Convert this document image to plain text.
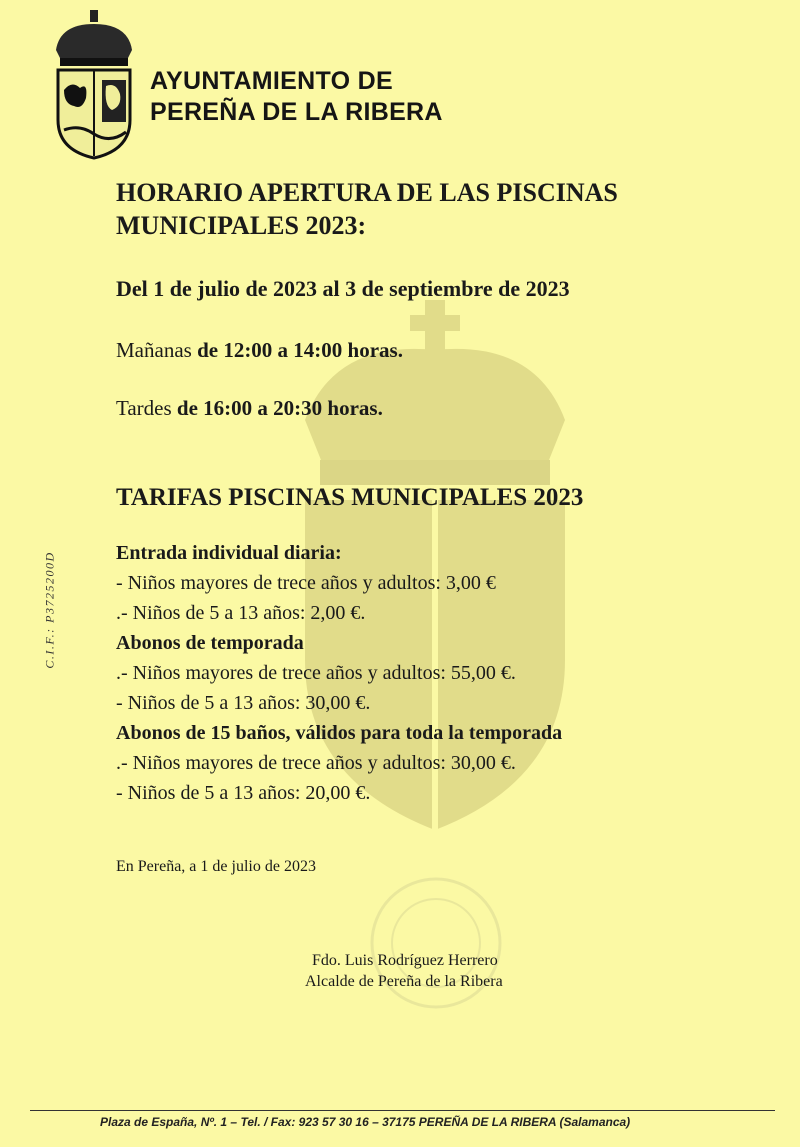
AYUNTAMIENTO DE
PEREÑA DE LA RIBERA
C.I.F.: P3725200D
HORARIO APERTURA DE LAS PISCINAS
MUNICIPALES 2023:
Del 1 de julio de 2023 al 3 de septiembre de 2023
Mañanas de 12:00 a 14:00 horas.
Tardes de 16:00 a 20:30 horas.
TARIFAS PISCINAS MUNICIPALES 2023
Entrada individual diaria:
- Niños mayores de trece años y adultos: 3,00 €
.- Niños de 5 a 13 años: 2,00 €.
Abonos de temporada
.- Niños mayores de trece años y adultos: 55,00 €.
- Niños de 5 a 13 años: 30,00 €.
Abonos de 15 baños, válidos para toda la temporada
.- Niños mayores de trece años y adultos: 30,00 €.
- Niños de 5 a 13 años: 20,00 €.
En Pereña, a 1 de julio de 2023
Fdo. Luis Rodríguez Herrero
Alcalde de Pereña de la Ribera
Plaza de España, Nº. 1 – Tel. / Fax: 923 57 30 16 – 37175 PEREÑA DE LA RIBERA (Salamanca)
